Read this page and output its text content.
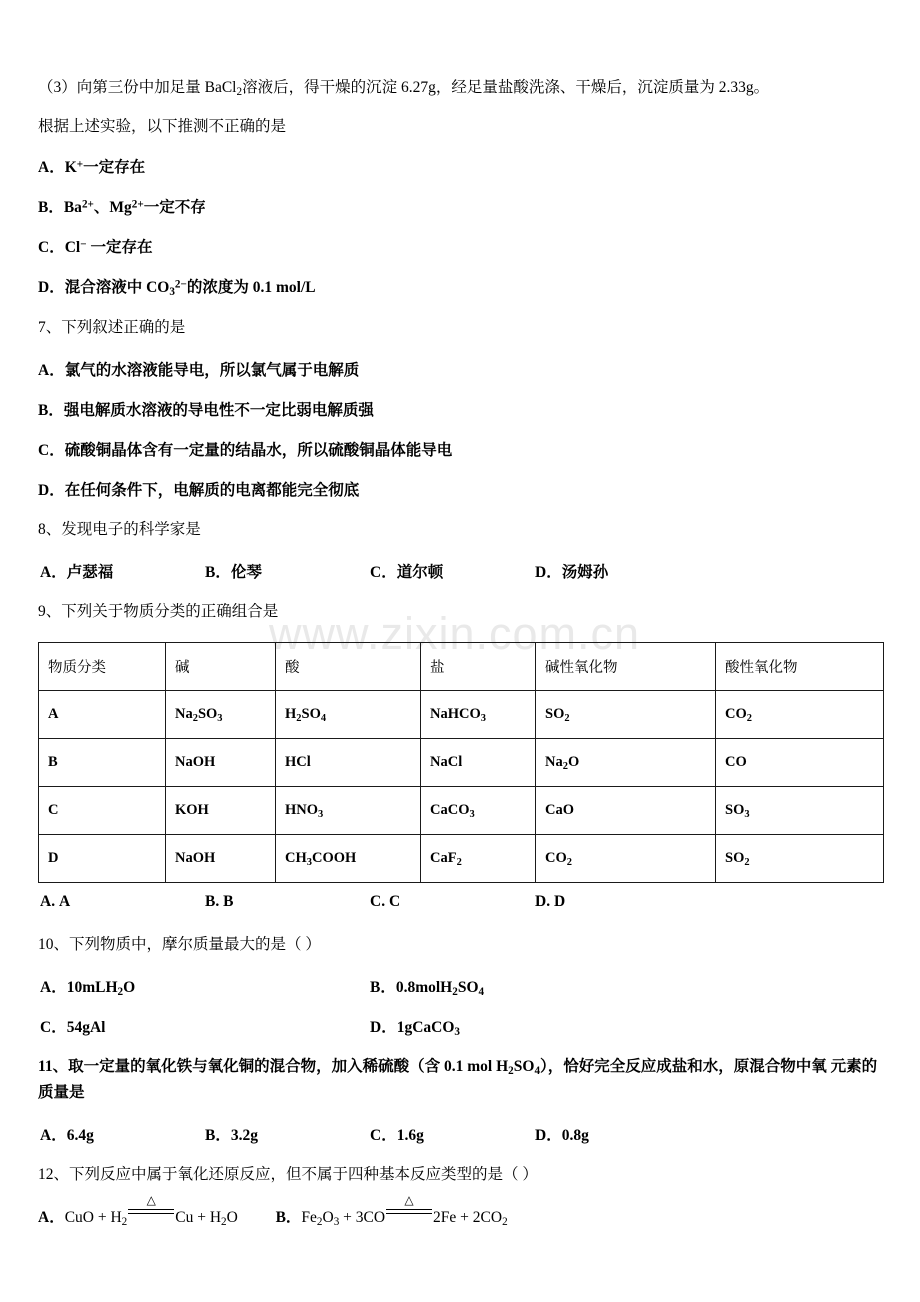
www.zixin.com.cn
（3）向第三份中加足量 BaCl$_2$溶液后，得干燥的沉淀 6.27g，经足量盐酸洗涤、干燥后，沉淀质量为 2.33g。
根据上述实验，以下推测不正确的是
A．K+一定存在
B．$Ba^{2+}$、$Mg^{2+}$一定不存
C．Cl− 一定存在
D．混合溶液中 $CO_3^{2-}$的浓度为 0.1 mol/L
7、下列叙述正确的是
A．氯气的水溶液能导电，所以氯气属于电解质
B．强电解质水溶液的导电性不一定比弱电解质强
C．硫酸铜晶体含有一定量的结晶水，所以硫酸铜晶体能导电
D．在任何条件下，电解质的电离都能完全彻底
8、发现电子的科学家是
A．卢瑟福	B．伦琴	C．道尔顿	D．汤姆孙
9、下列关于物质分类的正确组合是
物质分类	碱	酸	盐	碱性氧化物	酸性氧化物
A	$Na_2SO_3$	$H_2SO_4$	NaHCO$_3$	$SO_2$	$CO_2$
B	NaOH	HCl	NaCl	$Na_2O$	CO
C	KOH	$HNO_3$	CaCO$_3$	CaO	$SO_3$
D	NaOH	$CH_3COOH$	CaF$_2$	$CO_2$	$SO_2$
A. A	B. B	C. C	D. D
10、下列物质中，摩尔质量最大的是（ ）
A．10mLH$_2$O	B．$0.8molH_2SO_4$
C．54gAl	D．1gCaCO$_3$
11、取一定量的氧化铁与氧化铜的混合物，加入稀硫酸（含 0.1 mol $H_2SO_4$），恰好完全反应成盐和水，原混合物中氧 元素的质量是
A．6.4g	B．3.2g	C．1.6g	D．0.8g
12、下列反应中属于氧化还原反应，但不属于四种基本反应类型的是（ ）
A．CuO + $H_2$
△
$Cu + H_2O$ B．$Fe_2O_3 + 3CO$
△
$2Fe + 2CO_2$
